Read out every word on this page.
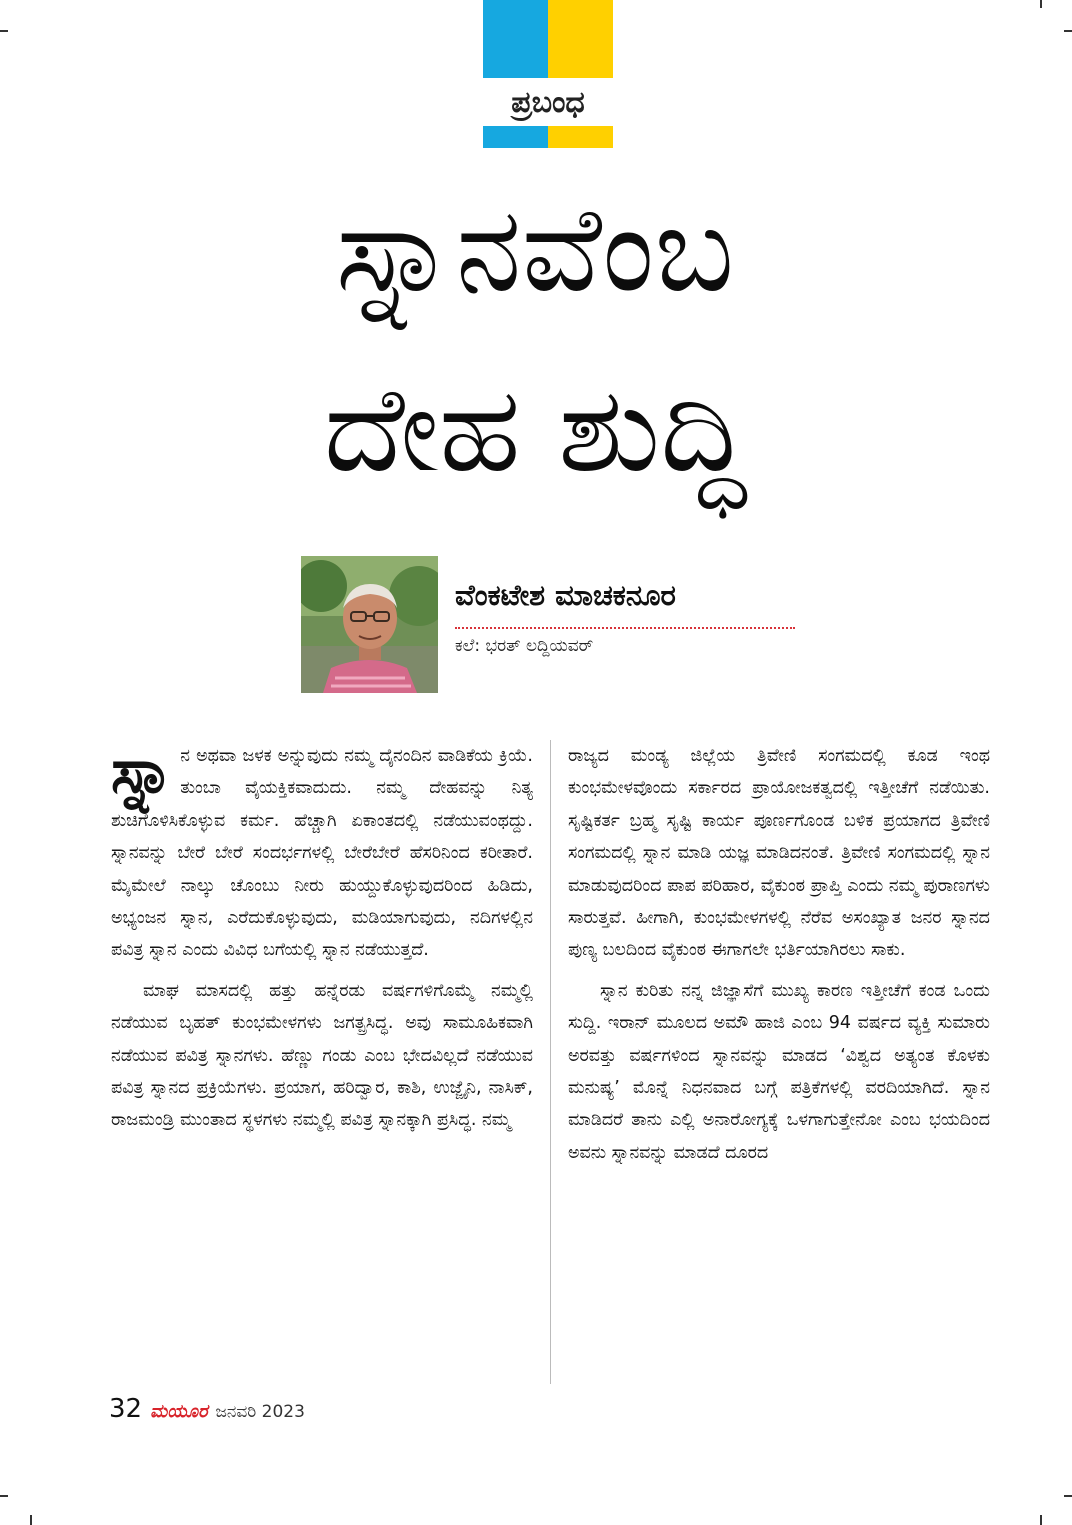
ಪ್ರಬಂಧ
ಸ್ನಾನವೆಂಬ
ದೇಹ ಶುದ್ಧಿ
ವೆಂಕಟೇಶ ಮಾಚಕನೂರ
ಕಲೆ: ಭರತ್ ಲದ್ದಿಯವರ್

ಸ್ನಾ ನ ಅಥವಾ ಜಳಕ ಅನ್ನುವುದು ನಮ್ಮ ದೈನಂದಿನ ವಾಡಿಕೆಯ ಕ್ರಿಯೆ. ತುಂಬಾ ವೈಯಕ್ತಿಕವಾದುದು. ನಮ್ಮ ದೇಹವನ್ನು ನಿತ್ಯ ಶುಚಿಗೊಳಿಸಿಕೊಳ್ಳುವ ಕರ್ಮ. ಹೆಚ್ಚಾಗಿ ಏಕಾಂತದಲ್ಲಿ ನಡೆಯುವಂಥದ್ದು. ಸ್ನಾನವನ್ನು ಬೇರೆ ಬೇರೆ ಸಂದರ್ಭಗಳಲ್ಲಿ ಬೇರೆಬೇರೆ ಹೆಸರಿನಿಂದ ಕರೀತಾರೆ. ಮೈಮೇಲೆ ನಾಲ್ಕು ಚೊಂಬು ನೀರು ಹುಯ್ದುಕೊಳ್ಳುವುದರಿಂದ ಹಿಡಿದು, ಅಭ್ಯಂಜನ ಸ್ನಾನ, ಎರೆದುಕೊಳ್ಳುವುದು, ಮಡಿಯಾಗುವುದು, ನದಿಗಳಲ್ಲಿನ ಪವಿತ್ರ ಸ್ನಾನ ಎಂದು ವಿವಿಧ ಬಗೆಯಲ್ಲಿ ಸ್ನಾನ ನಡೆಯುತ್ತದೆ.

ಮಾಘ ಮಾಸದಲ್ಲಿ ಹತ್ತು ಹನ್ನೆರಡು ವರ್ಷಗಳಿಗೊಮ್ಮೆ ನಮ್ಮಲ್ಲಿ ನಡೆಯುವ ಬೃಹತ್ ಕುಂಭಮೇಳಗಳು ಜಗತ್ಪ್ರಸಿದ್ಧ. ಅವು ಸಾಮೂಹಿಕವಾಗಿ ನಡೆಯುವ ಪವಿತ್ರ ಸ್ನಾನಗಳು. ಹೆಣ್ಣು ಗಂಡು ಎಂಬ ಭೇದವಿಲ್ಲದೆ ನಡೆಯುವ ಪವಿತ್ರ ಸ್ನಾನದ ಪ್ರಕ್ರಿಯೆಗಳು. ಪ್ರಯಾಗ, ಹರಿದ್ವಾರ, ಕಾಶಿ, ಉಜ್ಜೈನಿ, ನಾಸಿಕ್, ರಾಜಮಂಡ್ರಿ ಮುಂತಾದ ಸ್ಥಳಗಳು ನಮ್ಮಲ್ಲಿ ಪವಿತ್ರ ಸ್ನಾನಕ್ಕಾಗಿ ಪ್ರಸಿದ್ಧ. ನಮ್ಮ

ರಾಜ್ಯದ ಮಂಡ್ಯ ಜಿಲ್ಲೆಯ ತ್ರಿವೇಣಿ ಸಂಗಮದಲ್ಲಿ ಕೂಡ ಇಂಥ ಕುಂಭಮೇಳವೊಂದು ಸರ್ಕಾರದ ಪ್ರಾಯೋಜಕತ್ವದಲ್ಲಿ ಇತ್ತೀಚೆಗೆ ನಡೆಯಿತು. ಸೃಷ್ಟಿಕರ್ತ ಬ್ರಹ್ಮ ಸೃಷ್ಟಿ ಕಾರ್ಯ ಪೂರ್ಣಗೊಂಡ ಬಳಿಕ ಪ್ರಯಾಗದ ತ್ರಿವೇಣಿ ಸಂಗಮದಲ್ಲಿ ಸ್ನಾನ ಮಾಡಿ ಯಜ್ಞ ಮಾಡಿದನಂತೆ. ತ್ರಿವೇಣಿ ಸಂಗಮದಲ್ಲಿ ಸ್ನಾನ ಮಾಡುವುದರಿಂದ ಪಾಪ ಪರಿಹಾರ, ವೈಕುಂಠ ಪ್ರಾಪ್ತಿ ಎಂದು ನಮ್ಮ ಪುರಾಣಗಳು ಸಾರುತ್ತವೆ. ಹೀಗಾಗಿ, ಕುಂಭಮೇಳಗಳಲ್ಲಿ ನೆರೆವ ಅಸಂಖ್ಯಾತ ಜನರ ಸ್ನಾನದ ಪುಣ್ಯ ಬಲದಿಂದ ವೈಕುಂಠ ಈಗಾಗಲೇ ಭರ್ತಿಯಾಗಿರಲು ಸಾಕು.

ಸ್ನಾನ ಕುರಿತು ನನ್ನ ಜಿಜ್ಞಾಸೆಗೆ ಮುಖ್ಯ ಕಾರಣ ಇತ್ತೀಚೆಗೆ ಕಂಡ ಒಂದು ಸುದ್ದಿ. ಇರಾನ್ ಮೂಲದ ಅಮೌ ಹಾಜಿ ಎಂಬ 94 ವರ್ಷದ ವ್ಯಕ್ತಿ ಸುಮಾರು ಅರವತ್ತು ವರ್ಷಗಳಿಂದ ಸ್ನಾನವನ್ನು ಮಾಡದ ‘ವಿಶ್ವದ ಅತ್ಯಂತ ಕೊಳಕು ಮನುಷ್ಯ’ ಮೊನ್ನೆ ನಿಧನವಾದ ಬಗ್ಗೆ ಪತ್ರಿಕೆಗಳಲ್ಲಿ ವರದಿಯಾಗಿದೆ. ಸ್ನಾನ ಮಾಡಿದರೆ ತಾನು ಎಲ್ಲಿ ಅನಾರೋಗ್ಯಕ್ಕೆ ಒಳಗಾಗುತ್ತೇನೋ ಎಂಬ ಭಯದಿಂದ ಅವನು ಸ್ನಾನವನ್ನು ಮಾಡದೆ ದೂರದ

32 ಮಯೂರ ಜನವರಿ 2023
